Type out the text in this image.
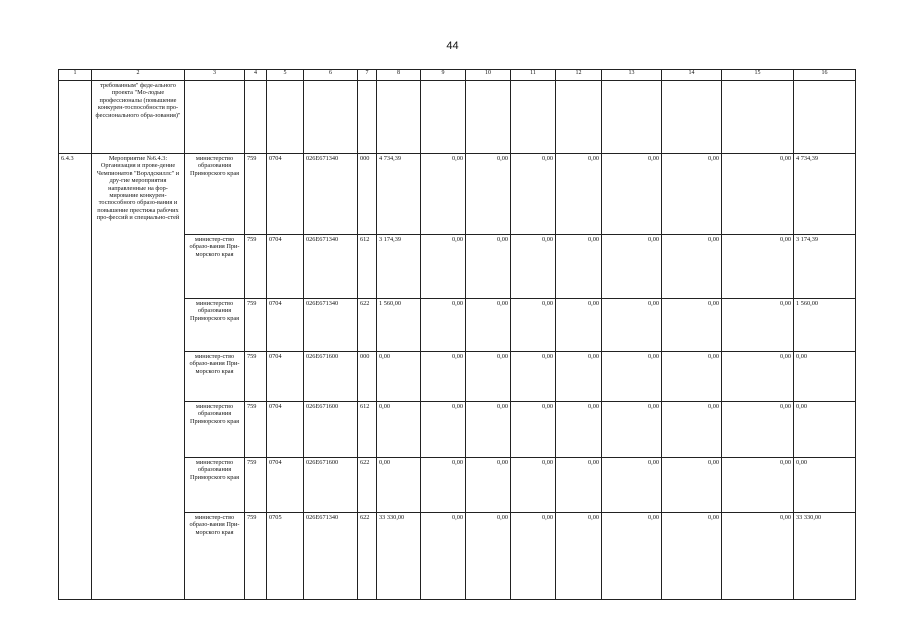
44
1	2	3	4	5	6	7	8	9	10	11	12	13	14	15	16
	требованным" феде-ального проекта "Мо-лодые профессионалы (повышение конкурен-тоспособности про-фессионального обра-зования)"														
6.4.3	Мероприятие №6.4.3: Организация и прове-дение Чемпионатов "Ворлдскиллс" и дру-гие мероприятия направленные на фор-мирование конкурен-тоспособного образо-вания и повышение престижа рабочих про-фессий и специально-стей	министерство образования Приморского края	759	0704	026E671340	000	4 734,39	0,00	0,00	0,00	0,00	0,00	0,00	0,00	4 734,39
		министер-ство образо-вания При-морского края	759	0704	026E671340	612	3 174,39	0,00	0,00	0,00	0,00	0,00	0,00	0,00	3 174,39
		министерство образования Приморского края	759	0704	026E671340	622	1 560,00	0,00	0,00	0,00	0,00	0,00	0,00	0,00	1 560,00
		министер-ство образо-вания При-морского края	759	0704	026E671600	000	0,00	0,00	0,00	0,00	0,00	0,00	0,00	0,00	0,00
		министерство образования Приморского края	759	0704	026E671600	612	0,00	0,00	0,00	0,00	0,00	0,00	0,00	0,00	0,00
		министерство образования Приморского края	759	0704	026E671600	622	0,00	0,00	0,00	0,00	0,00	0,00	0,00	0,00	0,00
		министер-ство образо-вания При-морского края	759	0705	026E671340	622	33 330,00	0,00	0,00	0,00	0,00	0,00	0,00	0,00	33 330,00
